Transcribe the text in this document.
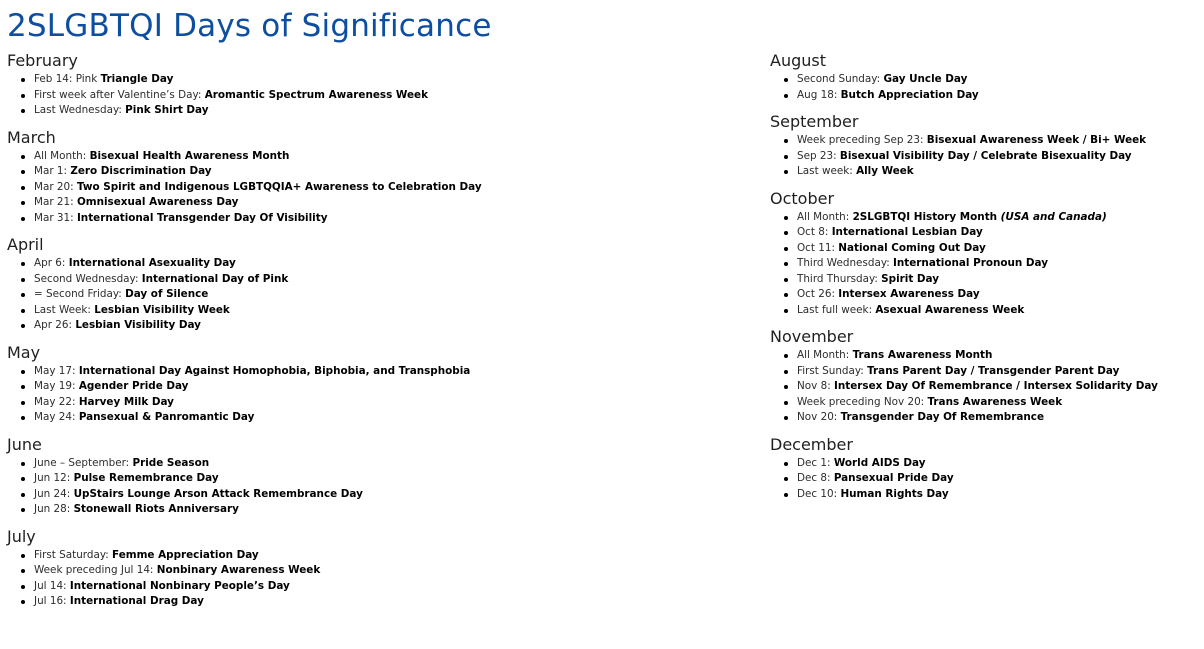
2SLGBTQI Days of Significance
February
Feb 14: Pink Triangle Day
First week after Valentine’s Day: Aromantic Spectrum Awareness Week
Last Wednesday: Pink Shirt Day
March
All Month: Bisexual Health Awareness Month
Mar 1: Zero Discrimination Day
Mar 20: Two Spirit and Indigenous LGBTQQIA+ Awareness to Celebration Day
Mar 21: Omnisexual Awareness Day
Mar 31: International Transgender Day Of Visibility
April
Apr 6: International Asexuality Day
Second Wednesday: International Day of Pink
= Second Friday: Day of Silence
Last Week: Lesbian Visibility Week
Apr 26: Lesbian Visibility Day
May
May 17: International Day Against Homophobia, Biphobia, and Transphobia
May 19: Agender Pride Day
May 22: Harvey Milk Day
May 24: Pansexual & Panromantic Day
June
June – September: Pride Season
Jun 12: Pulse Remembrance Day
Jun 24: UpStairs Lounge Arson Attack Remembrance Day
Jun 28: Stonewall Riots Anniversary
July
First Saturday: Femme Appreciation Day
Week preceding Jul 14: Nonbinary Awareness Week
Jul 14: International Nonbinary People’s Day
Jul 16: International Drag Day
August
Second Sunday: Gay Uncle Day
Aug 18: Butch Appreciation Day
September
Week preceding Sep 23: Bisexual Awareness Week / Bi+ Week
Sep 23: Bisexual Visibility Day / Celebrate Bisexuality Day
Last week: Ally Week
October
All Month: 2SLGBTQI History Month (USA and Canada)
Oct 8: International Lesbian Day
Oct 11: National Coming Out Day
Third Wednesday: International Pronoun Day
Third Thursday: Spirit Day
Oct 26: Intersex Awareness Day
Last full week: Asexual Awareness Week
November
All Month: Trans Awareness Month
First Sunday: Trans Parent Day / Transgender Parent Day
Nov 8: Intersex Day Of Remembrance / Intersex Solidarity Day
Week preceding Nov 20: Trans Awareness Week
Nov 20: Transgender Day Of Remembrance
December
Dec 1: World AIDS Day
Dec 8: Pansexual Pride Day
Dec 10: Human Rights Day
